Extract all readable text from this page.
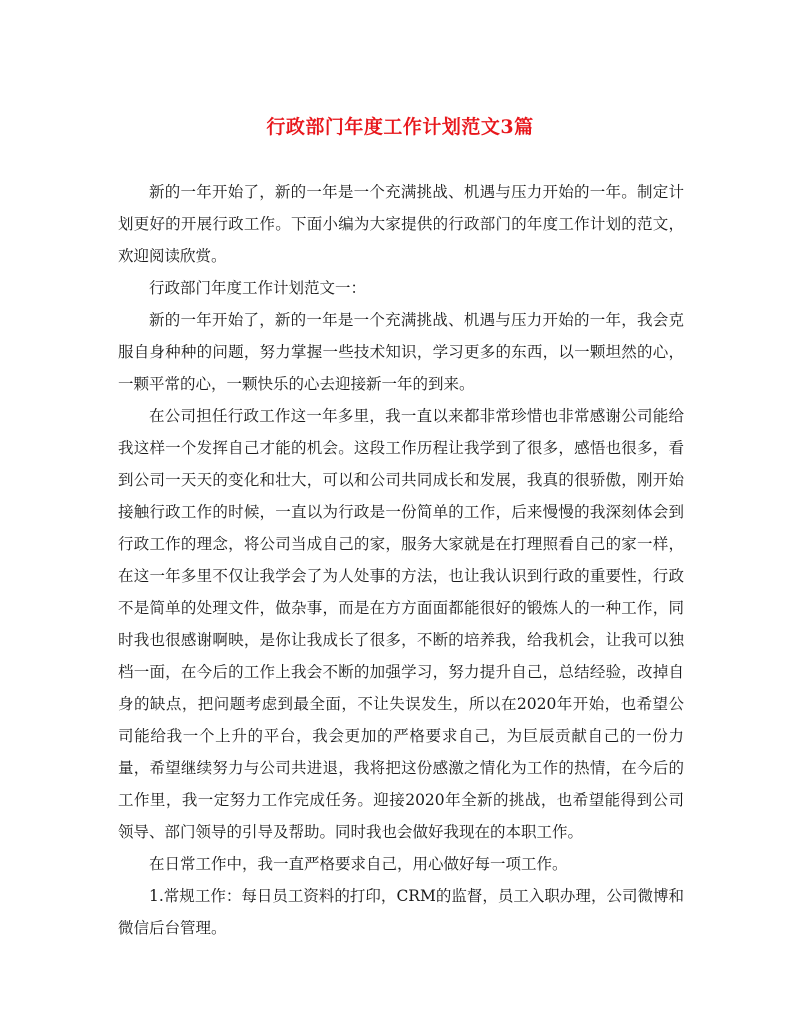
行政部门年度工作计划范文3篇

新的一年开始了，新的一年是一个充满挑战、机遇与压力开始的一年。制定计划更好的开展行政工作。下面小编为大家提供的行政部门的年度工作计划的范文，欢迎阅读欣赏。

行政部门年度工作计划范文一：

新的一年开始了，新的一年是一个充满挑战、机遇与压力开始的一年，我会克服自身种种的问题，努力掌握一些技术知识，学习更多的东西，以一颗坦然的心，一颗平常的心，一颗快乐的心去迎接新一年的到来。

在公司担任行政工作这一年多里，我一直以来都非常珍惜也非常感谢公司能给我这样一个发挥自己才能的机会。这段工作历程让我学到了很多，感悟也很多，看到公司一天天的变化和壮大，可以和公司共同成长和发展，我真的很骄傲，刚开始接触行政工作的时候，一直以为行政是一份简单的工作，后来慢慢的我深刻体会到行政工作的理念，将公司当成自己的家，服务大家就是在打理照看自己的家一样，在这一年多里不仅让我学会了为人处事的方法，也让我认识到行政的重要性，行政不是简单的处理文件，做杂事，而是在方方面面都能很好的锻炼人的一种工作，同时我也很感谢啊映，是你让我成长了很多，不断的培养我，给我机会，让我可以独档一面，在今后的工作上我会不断的加强学习，努力提升自己，总结经验，改掉自身的缺点，把问题考虑到最全面，不让失误发生，所以在2020年开始，也希望公司能给我一个上升的平台，我会更加的严格要求自己，为巨辰贡献自己的一份力量，希望继续努力与公司共进退，我将把这份感激之情化为工作的热情，在今后的工作里，我一定努力工作完成任务。迎接2020年全新的挑战，也希望能得到公司领导、部门领导的引导及帮助。同时我也会做好我现在的本职工作。

在日常工作中，我一直严格要求自己，用心做好每一项工作。

1.常规工作：每日员工资料的打印，CRM的监督，员工入职办理，公司微博和微信后台管理。
